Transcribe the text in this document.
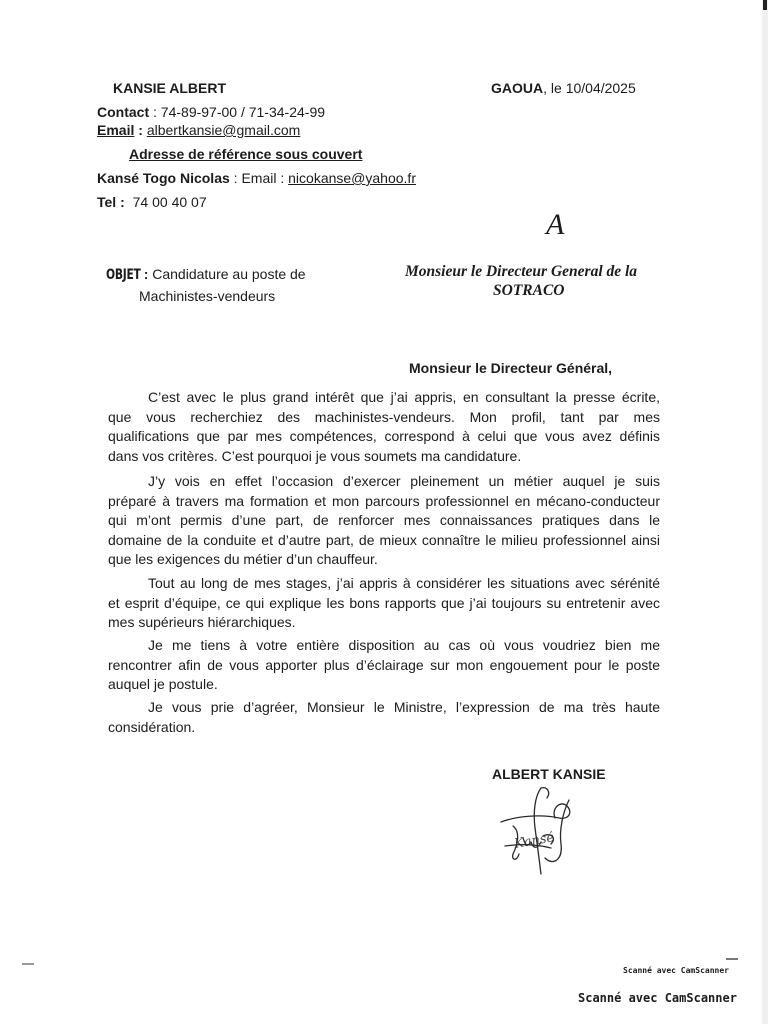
KANSIE ALBERT
Contact : 74-89-97-00 / 71-34-24-99
Email : albertkansie@gmail.com
GAOUA, le 10/04/2025
Adresse de référence sous couvert
Kansé Togo Nicolas : Email : nicokanse@yahoo.fr
Tel : 74 00 40 07
A
Monsieur le Directeur General de la
SOTRACO
OBJET : Candidature au poste de
Machinistes-vendeurs
Monsieur le Directeur Général,
C’est avec le plus grand intérêt que j’ai appris, en consultant la presse écrite,
que vous recherchiez des machinistes-vendeurs. Mon profil, tant par mes
qualifications que par mes compétences, correspond à celui que vous avez définis
dans vos critères. C’est pourquoi je vous soumets ma candidature.
J’y vois en effet l’occasion d’exercer pleinement un métier auquel je suis
préparé à travers ma formation et mon parcours professionnel en mécano-conducteur
qui m’ont permis d’une part, de renforcer mes connaissances pratiques dans le
domaine de la conduite et d’autre part, de mieux connaître le milieu professionnel ainsi
que les exigences du métier d’un chauffeur.
Tout au long de mes stages, j’ai appris à considérer les situations avec sérénité
et esprit d’équipe, ce qui explique les bons rapports que j’ai toujours su entretenir avec
mes supérieurs hiérarchiques.
Je me tiens à votre entière disposition au cas où vous voudriez bien me
rencontrer afin de vous apporter plus d’éclairage sur mon engouement pour le poste
auquel je postule.
Je vous prie d’agréer, Monsieur le Ministre, l’expression de ma très haute
considération.
ALBERT KANSIE
Kansé
Scanné avec CamScanner
Scanné avec CamScanner
